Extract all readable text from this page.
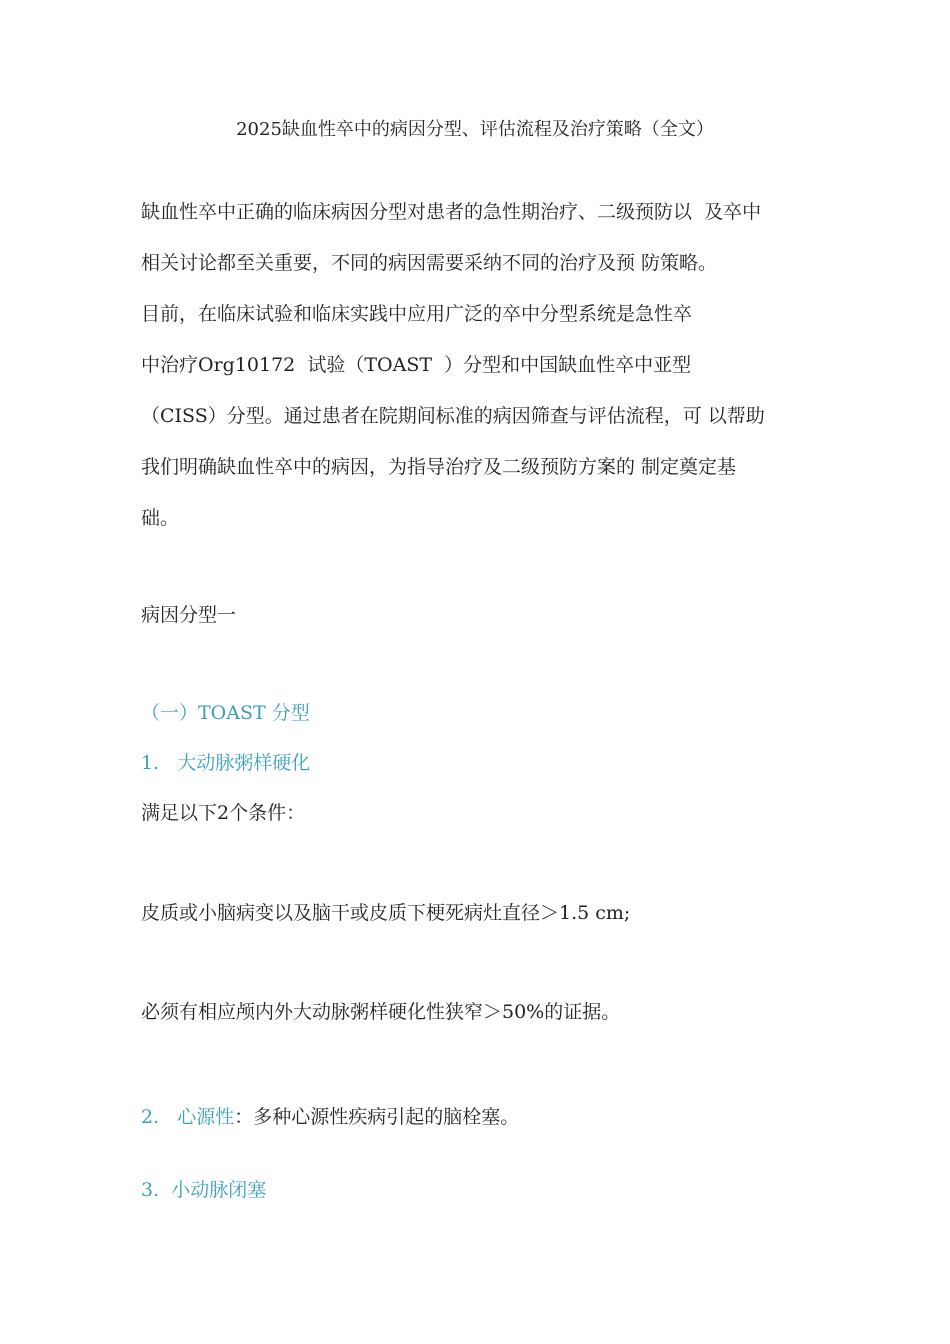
2025缺血性卒中的病因分型、评估流程及治疗策略（全文）
缺血性卒中正确的临床病因分型对患者的急性期治疗、二级预防以  及卒中
相关讨论都至关重要，不同的病因需要采纳不同的治疗及预 防策略。
目前，在临床试验和临床实践中应用广泛的卒中分型系统是急性卒
中治疗Org10172  试验（TOAST  ）分型和中国缺血性卒中亚型
（CISS）分型。通过患者在院期间标准的病因筛查与评估流程，可 以帮助
我们明确缺血性卒中的病因，为指导治疗及二级预防方案的 制定奠定基
础。
病因分型一
（一）TOAST 分型
1. 大动脉粥样硬化
满足以下2个条件：
皮质或小脑病变以及脑干或皮质下梗死病灶直径＞1.5 cm;
必须有相应颅内外大动脉粥样硬化性狭窄＞50%的证据。
2. 心源性：多种心源性疾病引起的脑栓塞。
3. 小动脉闭塞
